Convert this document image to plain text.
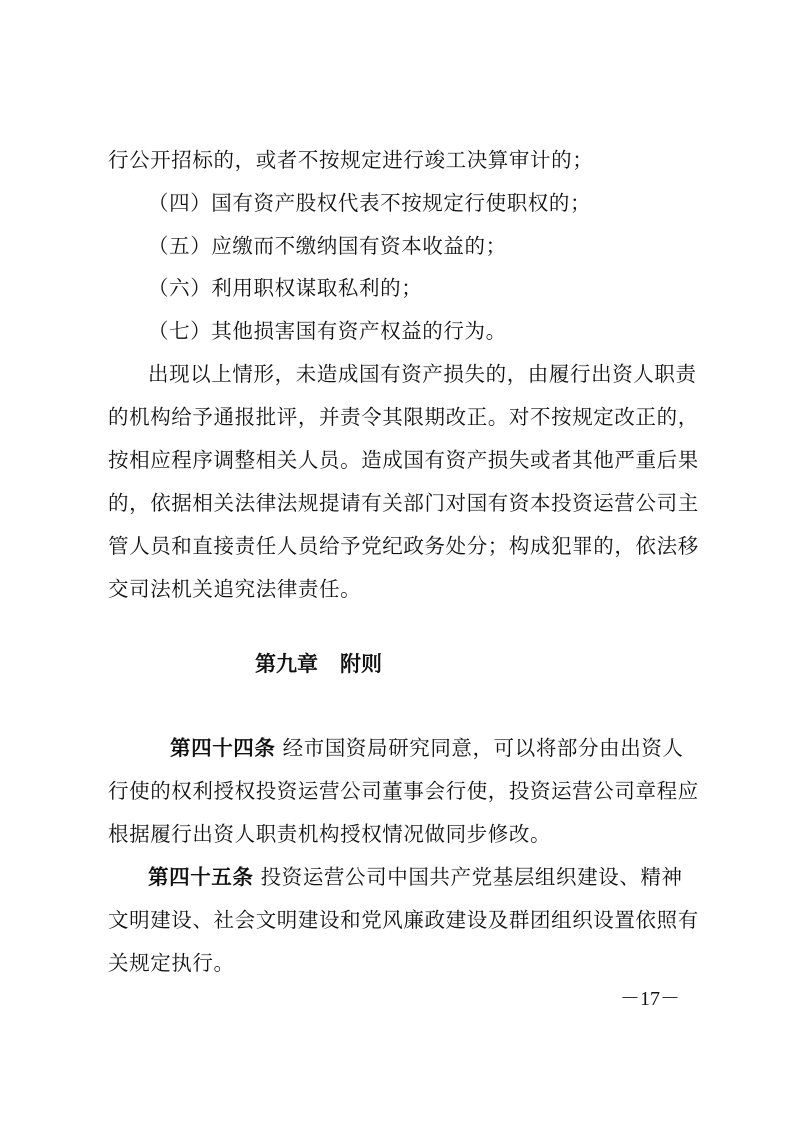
行公开招标的，或者不按规定进行竣工决算审计的；
（四）国有资产股权代表不按规定行使职权的；
（五）应缴而不缴纳国有资本收益的；
（六）利用职权谋取私利的；
（七）其他损害国有资产权益的行为。
出现以上情形，未造成国有资产损失的，由履行出资人职责
的机构给予通报批评，并责令其限期改正。对不按规定改正的，
按相应程序调整相关人员。造成国有资产损失或者其他严重后果
的，依据相关法律法规提请有关部门对国有资本投资运营公司主
管人员和直接责任人员给予党纪政务处分；构成犯罪的，依法移
交司法机关追究法律责任。
第九章 附则
第四十四条 经市国资局研究同意，可以将部分由出资人
行使的权利授权投资运营公司董事会行使，投资运营公司章程应
根据履行出资人职责机构授权情况做同步修改。
第四十五条 投资运营公司中国共产党基层组织建设、精神
文明建设、社会文明建设和党风廉政建设及群团组织设置依照有
关规定执行。
－17－
